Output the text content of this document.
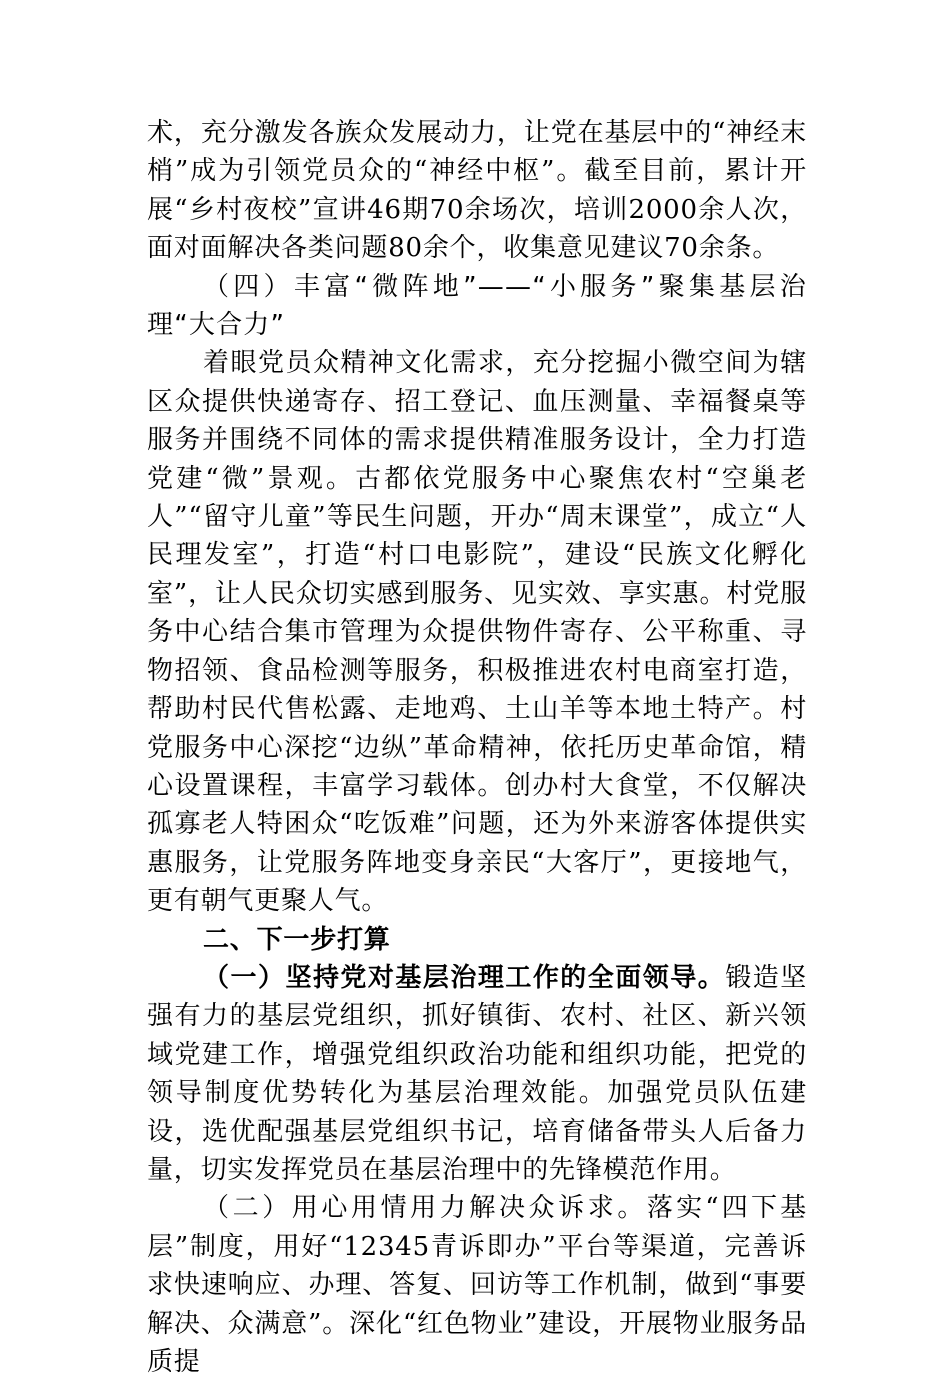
术，充分激发各族众发展动力，让党在基层中的“神经末梢”成为引领党员众的“神经中枢”。截至目前，累计开展“乡村夜校”宣讲46期70余场次，培训2000余人次，面对面解决各类问题80余个，收集意见建议70余条。

（四）丰富“微阵地”——“小服务”聚集基层治理“大合力”

着眼党员众精神文化需求，充分挖掘小微空间为辖区众提供快递寄存、招工登记、血压测量、幸福餐桌等服务并围绕不同体的需求提供精准服务设计，全力打造党建“微”景观。古都依党服务中心聚焦农村“空巢老人”“留守儿童”等民生问题，开办“周末课堂”，成立“人民理发室”，打造“村口电影院”，建设“民族文化孵化室”，让人民众切实感到服务、见实效、享实惠。村党服务中心结合集市管理为众提供物件寄存、公平称重、寻物招领、食品检测等服务，积极推进农村电商室打造，帮助村民代售松露、走地鸡、土山羊等本地土特产。村党服务中心深挖“边纵”革命精神，依托历史革命馆，精心设置课程，丰富学习载体。创办村大食堂，不仅解决孤寡老人特困众“吃饭难”问题，还为外来游客体提供实惠服务，让党服务阵地变身亲民“大客厅”，更接地气，更有朝气更聚人气。

二、下一步打算

（一）坚持党对基层治理工作的全面领导。锻造坚强有力的基层党组织，抓好镇街、农村、社区、新兴领域党建工作，增强党组织政治功能和组织功能，把党的领导制度优势转化为基层治理效能。加强党员队伍建设，选优配强基层党组织书记，培育储备带头人后备力量，切实发挥党员在基层治理中的先锋模范作用。

（二）用心用情用力解决众诉求。落实“四下基层”制度，用好“12345青诉即办”平台等渠道，完善诉求快速响应、办理、答复、回访等工作机制，做到“事要解决、众满意”。深化“红色物业”建设，开展物业服务品质提
